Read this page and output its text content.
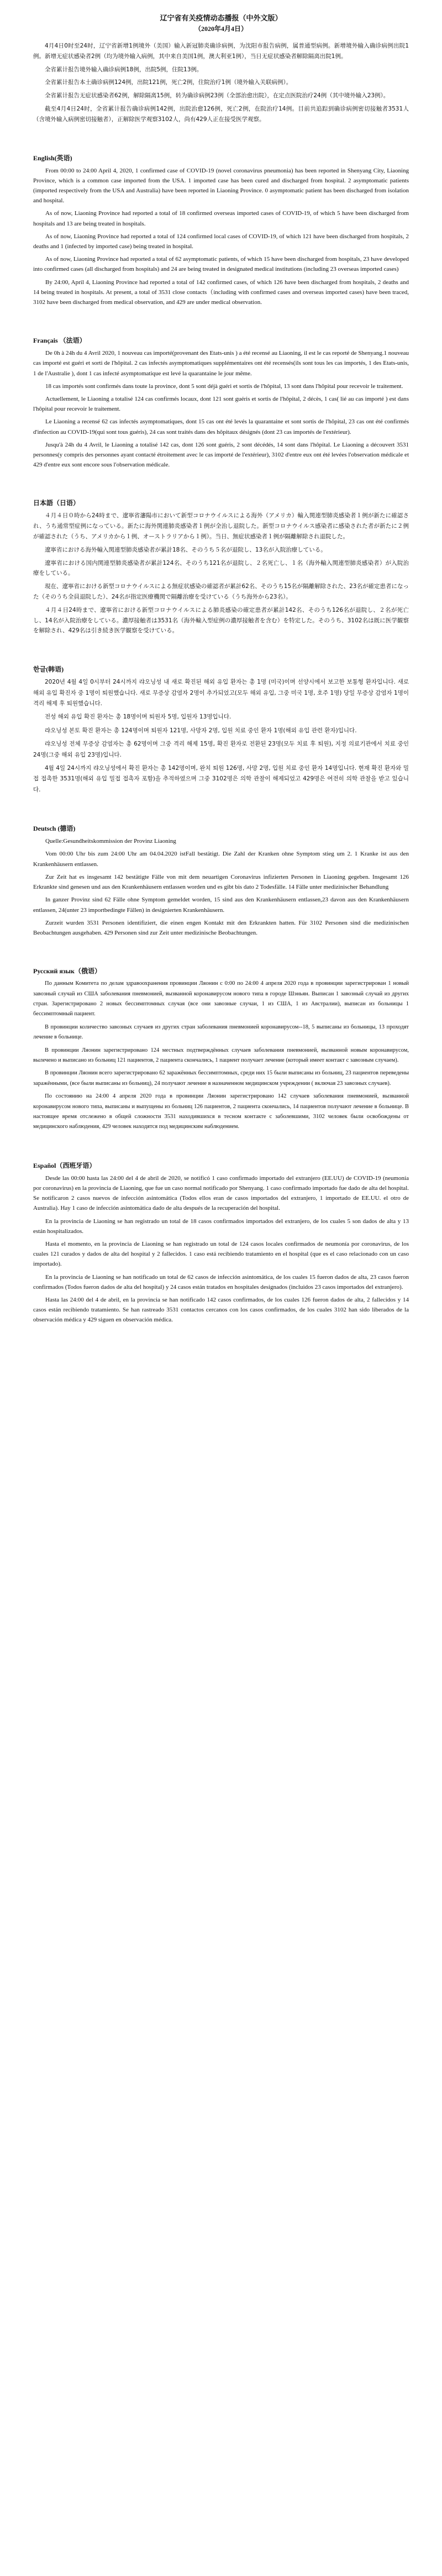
辽宁省有关疫情动态播报（中外文版）
（2020年4月4日）

4月4日0时至24时，辽宁省新增1例境外（美国）输入新冠肺炎确诊病例，为沈阳市报告病例，属普通型病例。新增境外输入确诊病例出院1例。新增无症状感染者2例（均为境外输入病例，其中来自美国1例，澳大利亚1例），当日无症状感染者解除隔离出院1例。

全省累计报告境外输入确诊病例18例，出院5例，住院13例。

全省累计报告本土确诊病例124例，出院121例，死亡2例，住院治疗1例（境外输入关联病例）。

全省累计报告无症状感染者62例，解除隔离15例，转为确诊病例23例（全部治愈出院），在定点医院治疗24例（其中境外输入23例）。

截至4月4日24时，全省累计报告确诊病例142例，出院治愈126例，死亡2例，在院治疗14例。目前共追踪到确诊病例密切接触者3531人（含境外输入病例密切接触者），正解除医学观察3102人，尚有429人正在接受医学观察。

English(英语)

From 00:00 to 24:00 April 4, 2020, 1 confirmed case of COVID-19 (novel coronavirus pneumonia) has been reported in Shenyang City, Liaoning Province, which is a common case imported from the USA. 1 imported case has been cured and discharged from hospital. 2 asymptomatic patients (imported respectively from the USA and Australia) have been reported in Liaoning Province. 0 asymptomatic patient has been discharged from isolation and hospital.

As of now, Liaoning Province had reported a total of 18 confirmed overseas imported cases of COVID-19, of which 5 have been discharged from hospitals and 13 are being treated in hospitals.

As of now, Liaoning Province had reported a total of 124 confirmed local cases of COVID-19, of which 121 have been discharged from hospitals, 2 deaths and 1 (infected by imported case) being treated in hospital.

As of now, Liaoning Province had reported a total of 62 asymptomatic patients, of which 15 have been discharged from hospitals, 23 have developed into confirmed cases (all discharged from hospitals) and 24 are being treated in designated medical institutions (including 23 overseas imported cases)

By 24:00, April 4, Liaoning Province had reported a total of 142 confirmed cases, of which 126 have been discharged from hospitals, 2 deaths and 14 being treated in hospitals. At present, a total of 3531 close contacts（including with confirmed cases and overseas imported cases) have been traced, 3102 have been discharged from medical observation, and 429 are under medical observation.

Français （法语）

De 0h à 24h du 4 Avril 2020, 1 nouveau cas importé(provenant des Etats-unis ) a été recensé au Liaoning, il est le cas reporté de Shenyang.1 nouveau cas importé est guéri et sorti de l'hôpital. 2 cas infectés asymptomatiques supplémentaires ont été recensés(ils sont tous les cas importés, 1 des Etats-unis, 1 de l'Australie ), dont 1 cas infecté asymptomatique est levé la quarantaine le jour même.

18 cas importés sont confirmés dans toute la province, dont 5 sont déjà guéri et sortis de l'hôpital, 13 sont dans l'hôpital pour recevoir le traitement.

Actuellement, le Liaoning a totalisé 124 cas confirmés locaux, dont 121 sont guéris et sortis de l'hôpital, 2 décès, 1 cas( lié au cas importé ) est dans l'hôpital pour recevoir le traitement.

Le Liaoning a recensé 62 cas infectés asymptomatiques, dont 15 cas ont été levés la quarantaine et sont sortis de l'hôpital, 23 cas ont été confirmés d'infection au COVID-19(qui sont tous guéris), 24 cas sont traités dans des hôpitaux désignés (dont 23 cas importés de l'extérieur).

Jusqu'à 24h du 4 Avril, le Liaoning a totalisé 142 cas, dont 126 sont guéris, 2 sont décédés, 14 sont dans l'hôpital. Le Liaoning a découvert 3531 personnes(y compris des personnes ayant contacté étroitement avec le cas importé de l'extérieur), 3102 d'entre eux ont été levées l'observation médicale et 429 d'entre eux sont encore sous l'observation médicale.

日本語（日语）

４月４日０時から24時まで、遼寧省瀋陽市において新型コロナウイルスによる海外（アメリカ）輸入関連型肺炎感染者１例が新たに確認され、うち通常型症例になっている。新たに海外関連肺炎感染者１例が全治し退院した。新型コロナウイルス感染者に感染された者が新たに２例が確認された（うち、アメリカから１例、オーストラリアから１例）。当日、無症状感染者１例が隔離解除され退院した。

遼寧省における海外輸入関連型肺炎感染者が累計18名、そのうち５名が退院し、13名が入院治療している。

遼寧省における国内関連型肺炎感染者が累計124名、そのうち121名が退院し、２名死亡し、１名（海外輸入関連型肺炎感染者）が入院治療をしている。

現在、遼寧省における新型コロナウイルスによる無症状感染の確認者が累計62名、そのうち15名が隔離解除された、23名が確定患者になった（そのうち全員退院した）、24名が指定医療機関で隔離治療を受けている（うち海外から23名）。

４月４日24時まで、遼寧省における新型コロナウイルスによる肺炎感染の確定患者が累計142名、そのうち126名が退院し、２名が死亡し、14名が入院治療をしている。濃厚接触者は3531名（海外輸入型症例の濃厚接触者を含む）を特定した。そのうち、3102名は既に医学観察を解除され、429名は引き続き医学観察を受けている。

한글(韩语)

2020년 4월 4일 0시부터 24시까지 랴오닝성 내 새로 확진된 해외 유입 환자는 총 1명 (미국)이며 선양시에서 보고한 보통형 환자입니다. 새로 해외 유입 확진자 중 1명이 퇴원했습니다. 새로 무증상 감염자 2명이 추가되었고(모두 해외 유입, 그중 미국 1명, 호주 1명) 당일 무증상 감염자 1명이 격리 해제 후 퇴원했습니다.

전성 해외 유입 확진 환자는 총 18명이며 퇴원자 5명, 입원자 13명입니다.

랴오닝성 본토 확진 환자는 총 124명이며 퇴원자 121명, 사망자 2명, 입원 치료 중인 환자 1명(해외 유입 관련 환자)입니다.

랴오닝성 전체 무증상 감염자는 총 62명이며 그중 격리 해제 15명, 확진 환자로 전환된 23명(모두 치료 후 퇴원), 지정 의료기관에서 치료 중인 24명(그중 해외 유입 23명)입니다.

4월 4일 24시까지 랴오닝성에서 확진 환자는 총 142명이며, 완치 퇴원 126명, 사망 2명, 입원 치료 중인 환자 14명입니다. 현재 확진 환자와 밀접 접촉한 3531명(해외 유입 밀접 접촉자 포함)을 추적하였으며 그중 3102명은 의학 관찰이 해제되었고 429명은 여전히 의학 관찰을 받고 있습니다.

Deutsch (德语)

Quelle:Gesundheitskommission der Provinz Liaoning

Vom 00:00 Uhr bis zum 24:00 Uhr am 04.04.2020 istFall bestätigt. Die Zahl der Kranken ohne Symptom stieg um 2. 1 Kranke ist aus den Krankenhäusern entlassen.

Zur Zeit hat es insgesamt 142 bestätigte Fälle von mit dem neuartigen Coronavirus infizierten Personen in Liaoning gegeben. Insgesamt 126 Erkrankte sind genesen und aus den Krankenhäusern entlassen worden und es gibt bis dato 2 Todesfälle. 14 Fälle unter medizinischer Behandlung

In ganzer Provinz sind 62 Fälle ohne Symptom gemeldet worden, 15 sind aus den Krankenhäusern entlassen,23 davon aus den Krankenhäusern entlassen, 24(unter 23 importbedingte Fällen) in designierten Krankenhäusern.

Zurzeit wurden 3531 Personen identifiziert, die einen engen Kontakt mit den Erkrankten hatten. Für 3102 Personen sind die medizinischen Beobachtungen ausgehaben. 429 Personen sind zur Zeit unter medizinische Beobachtungen.

Русский язык（俄语）

По данным Комитета по делам здравоохранения провинции Ляонин с 0:00 по 24:00 4 апреля 2020 года в провинции зарегистрирован 1 новый завозный случай из США заболевания пневмонией, вызванной коронавирусом нового типа в городе Шэньян. Выписан 1 завозный случай из других стран. Зарегистрировано 2 новых бессимптомных случая (все они завозные случаи, 1 из США, 1 из Австралии), выписан из больницы 1 бессимптомный пациент.

В провинции количество завозных случаев из других стран заболевания пневмонией коронавирусом--18, 5 выписаны из больницы, 13 проходят лечение в больнице.

В провинции Ляонин зарегистрировано 124 местных подтверждённых случаев заболевания пневмонией, вызванной новым коронавирусом, вылечено и выписано из больниц 121 пациентов, 2 пациента скончались, 1 пациент получает лечение (который имеет контакт с завозным случаем).

В провинции Ляонин всего зарегистрировано 62 заражённых бессимптомных, среди них 15 были выписаны из больниц, 23 пациентов переведены заражёнными, (все были выписаны из больниц), 24 получают лечение в назначенном медицинском учреждении ( включая 23 завозных случаев).

По состоянию на 24:00 4 апреля 2020 года в провинции Ляонин зарегистрировано 142 случаев заболевания пневмонией, вызванной коронавирусом нового типа, выписаны и выпущены из больниц 126 пациентов, 2 пациента скончались, 14 пациентов получают лечение в больнице. В настоящее время отслежено в общей сложности 3531 находившихся в тесном контакте с заболевшими, 3102 человек были освобождены от медицинского наблюдения, 429 человек находятся под медицинским наблюдением.

Español（西班牙语）

Desde las 00:00 hasta las 24:00 del 4 de abril de 2020, se notificó 1 caso confirmado importado del extranjero (EE.UU) de COVID-19 (neumonía por coronavirus) en la provincia de Liaoning, que fue un caso normal notificado por Shenyang. 1 caso confirmado importado fue dado de alta del hospital. Se notificaron 2 casos nuevos de infección asintomática (Todos ellos eran de casos importados del extranjero, 1 importado de EE.UU. el otro de Australia). Hay 1 caso de infección asintomática dado de alta después de la recuperación del hospital.

En la provincia de Liaoning se han registrado un total de 18 casos confirmados importados del extranjero, de los cuales 5 son dados de alta y 13 están hospitalizados.

Hasta el momento, en la provincia de Liaoning se han registrado un total de 124 casos locales confirmados de neumonía por coronavirus, de los cuales 121 curados y dados de alta del hospital y 2 fallecidos. 1 caso está recibiendo tratamiento en el hospital (que es el caso relacionado con un caso importado).

En la provincia de Liaoning se han notificado un total de 62 casos de infección asintomática, de los cuales 15 fueron dados de alta, 23 casos fueron confirmados (Todos fueron dados de alta del hospital) y 24 casos están tratados en hospitales designados (incluidos 23 casos importados del extranjero).

Hasta las 24:00 del 4 de abril, en la provincia se han notificado 142 casos confirmados, de los cuales 126 fueron dados de alta, 2 fallecidos y 14 casos están recibiendo tratamiento. Se han rastreado 3531 contactos cercanos con los casos confirmados, de los cuales 3102 han sido liberados de la observación médica y 429 siguen en observación médica.
